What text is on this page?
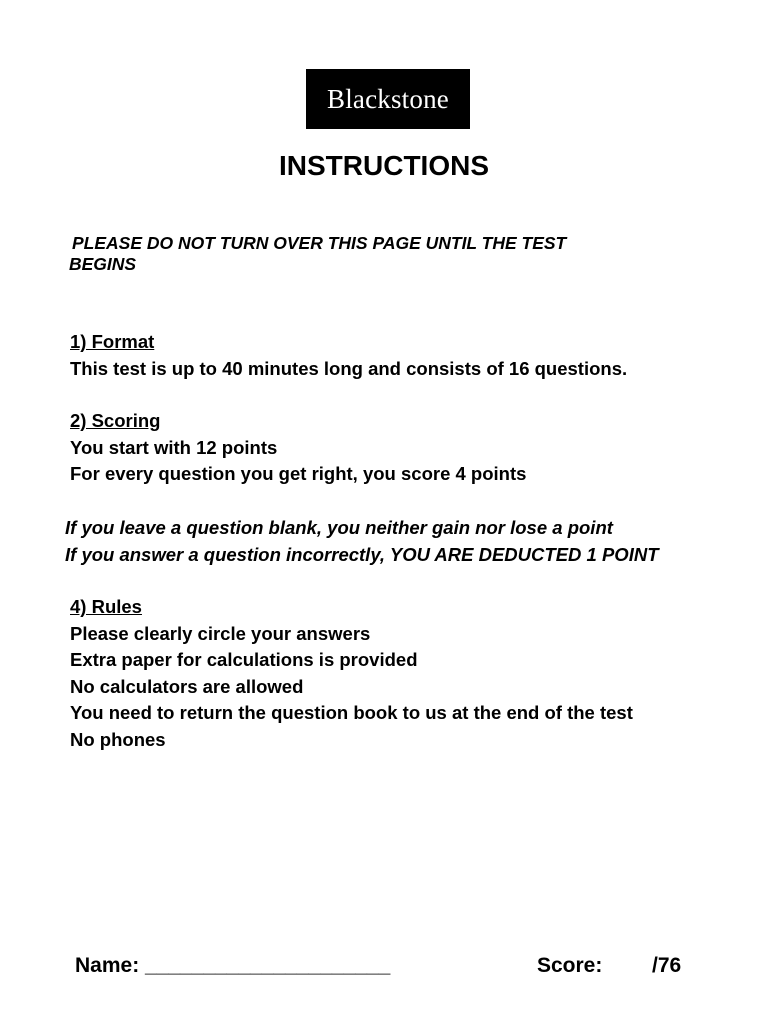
Blackstone
INSTRUCTIONS
PLEASE DO NOT TURN OVER THIS PAGE UNTIL THE TEST
BEGINS
1) Format
This test is up to 40 minutes long and consists of 16 questions.
2) Scoring
You start with 12 points
For every question you get right, you score 4 points
If you leave a question blank, you neither gain nor lose a point
If you answer a question incorrectly, YOU ARE DEDUCTED 1 POINT
4) Rules
Please clearly circle your answers
Extra paper for calculations is provided
No calculators are allowed
You need to return the question book to us at the end of the test
No phones
Name: _____________________	Score: /76
